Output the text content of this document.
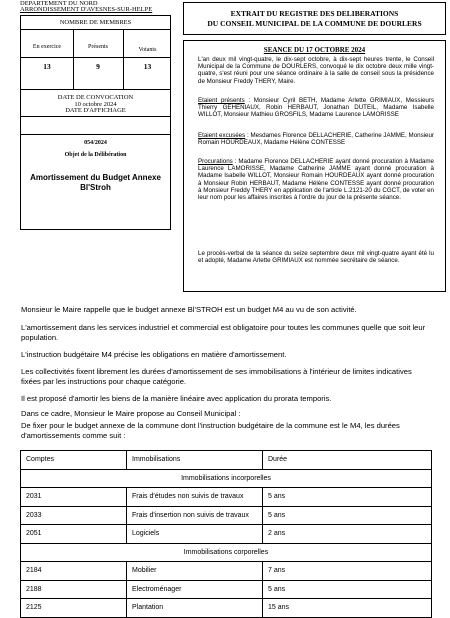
DEPARTEMENT DU NORD
ARRONDISSEMENT D'AVESNES-SUR-HELPE
NOMBRE DE MEMBRES
En exercice	Présents	Votants
13	9	13
DATE DE CONVOCATION
10 octobre 2024
DATE D'AFFICHAGE
054/2024
Objet de la Délibération
Amortissement du Budget Annexe
Bl'Stroh
EXTRAIT DU REGISTRE DES DELIBERATIONS
DU CONSEIL MUNICIPAL DE LA COMMUNE DE DOURLERS
SEANCE DU 17 OCTOBRE 2024
L'an deux mil vingt-quatre, le dix-sept octobre, à dix-sept heures trente, le Conseil Municipal de la Commune de DOURLERS, convoqué le dix octobre deux mille vingt-quatre, s'est réuni pour une séance ordinaire à la salle de conseil sous la présidence de Monsieur Freddy THERY, Maire.
Etaient présents : Monsieur Cyril BETH, Madame Arlette GRIMIAUX, Messieurs Thierry GEHENIAUX, Robin HERBAUT, Jonathan DUTEIL, Madame Isabelle WILLOT, Monsieur Mathieu GROSFILS, Madame Laurence LAMORISSE
Etaient excusées : Mesdames Florence DELLACHERIE, Catherine JAMME, Monsieur Romain HOURDEAUX, Madame Hélène CONTESSE
Procurations : Madame Florence DELLACHERIE ayant donné procuration à Madame Laurence LAMORISSE, Madame Catherine JAMME ayant donné procuration à Madame Isabelle WILLOT, Monsieur Romain HOURDEAUX ayant donné procuration à Monsieur Robin HERBAUT, Madame Hélène CONTESSE ayant donné procuration à Monsieur Freddy THERY en application de l'article L.2121-20 du CGCT, de voter en leur nom pour les affaires inscrites à l'ordre du jour de la présente séance.
Le procès-verbal de la séance du seize septembre deux mil vingt-quatre ayant été lu et adopté, Madame Arlette GRIMIAUX est nommée secrétaire de séance.
Monsieur le Maire rappelle que le budget annexe Bl'STROH est un budget M4 au vu de son activité.
L'amortissement dans les services industriel et commercial est obligatoire pour toutes les communes quelle que soit leur population.
L'instruction budgétaire M4 précise les obligations en matière d'amortissement.
Les collectivités fixent librement les durées d'amortissement de ses immobilisations à l'intérieur de limites indicatives fixées par les instructions pour chaque catégorie.
Il est proposé d'amortir les biens de la manière linéaire avec application du prorata temporis.
Dans ce cadre, Monsieur le Maire propose au Conseil Municipal :
De fixer pour le budget annexe de la commune dont l'instruction budgétaire de la commune est le M4, les durées d'amortissements comme suit :
Comptes	Immobilisations	Durée
Immobilisations incorporelles		
2031	Frais d'études non suivis de travaux	5 ans
2033	Frais d'insertion non suivis de travaux	5 ans
2051	Logiciels	2 ans
Immobilisations corporelles		
2184	Mobilier	7 ans
2188	Electroménager	5 ans
2125	Plantation	15 ans
